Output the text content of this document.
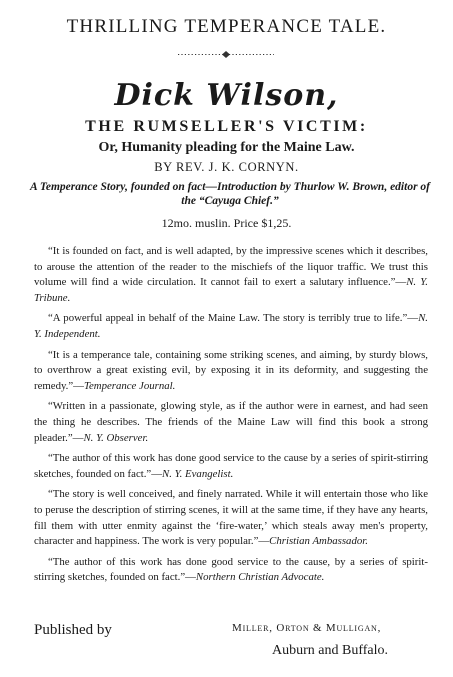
THRILLING TEMPERANCE TALE.
Dick Wilson,
THE RUMSELLER'S VICTIM:
Or, Humanity pleading for the Maine Law.
BY REV. J. K. CORNYN.
A Temperance Story, founded on fact—Introduction by Thurlow W. Brown, editor of the “Cayuga Chief.”
12mo. muslin. Price $1,25.

“It is founded on fact, and is well adapted, by the impressive scenes which it describes, to arouse the attention of the reader to the mischiefs of the liquor traffic. We trust this volume will find a wide circulation. It cannot fail to exert a salutary influence.”—N. Y. Tribune.

“A powerful appeal in behalf of the Maine Law. The story is terribly true to life.”—N. Y. Independent.

“It is a temperance tale, containing some striking scenes, and aiming, by sturdy blows, to overthrow a great existing evil, by exposing it in its deformity, and suggesting the remedy.”—Temperance Journal.

“Written in a passionate, glowing style, as if the author were in earnest, and had seen the thing he describes. The friends of the Maine Law will find this book a strong pleader.”—N. Y. Observer.

“The author of this work has done good service to the cause by a series of spirit-stirring sketches, founded on fact.”—N. Y. Evangelist.

“The story is well conceived, and finely narrated. While it will entertain those who like to peruse the description of stirring scenes, it will at the same time, if they have any hearts, fill them with utter enmity against the ‘fire-water,’ which steals away men's property, character and happiness. The work is very popular.”—Christian Ambassador.

“The author of this work has done good service to the cause, by a series of spirit-stirring sketches, founded on fact.”—Northern Christian Advocate.

Published by	Miller, Orton & Mulligan,
Auburn and Buffalo.
